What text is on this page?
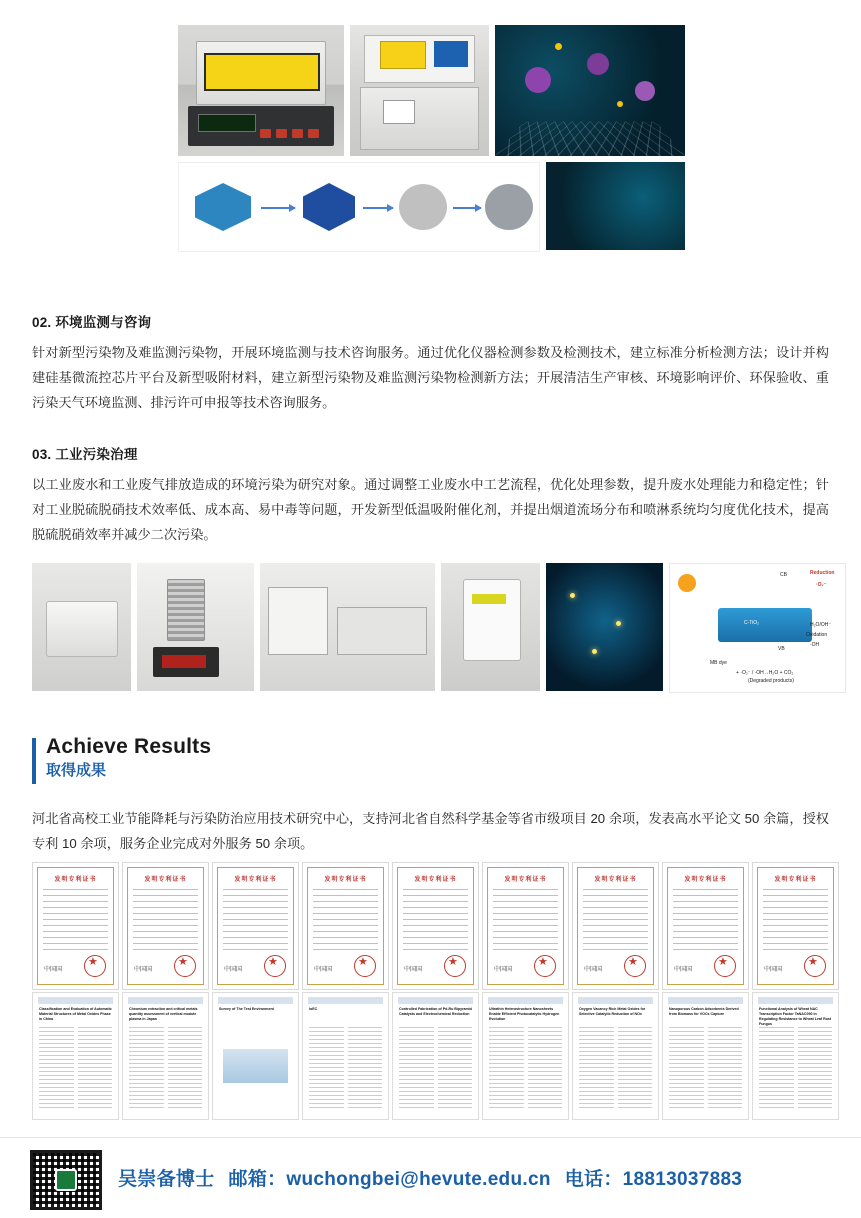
02. 环境监测与咨询

针对新型污染物及难监测污染物，开展环境监测与技术咨询服务。通过优化仪器检测参数及检测技术，建立标准分析检测方法；设计并构建硅基微流控芯片平台及新型吸附材料，建立新型污染物及难监测污染物检测新方法；开展清洁生产审核、环境影响评价、环保验收、重污染天气环境监测、排污许可申报等技术咨询服务。

03. 工业污染治理

以工业废水和工业废气排放造成的环境污染为研究对象。通过调整工业废水中工艺流程，优化处理参数，提升废水处理能力和稳定性；针对工业脱硫脱硝技术效率低、成本高、易中毒等问题，开发新型低温吸附催化剂，并提出烟道流场分布和喷淋系统均匀度优化技术，提高脱硫脱硝效率并减少二次污染。

CB	Reduction
·O₂⁻
VB
Oxidation
H₂O/OH⁻
·OH
C-TiO₂
MB dye
+ ·O₂⁻ / ·OH→H₂O + CO₂
(Degraded products)
Achieve Results
取得成果

河北省高校工业节能降耗与污染防治应用技术研究中心，支持河北省自然科学基金等省市级项目 20 余项，发表高水平论文 50 余篇，授权专利 10 余项，服务企业完成对外服务 50 余项。

发明专利证书
中国国
★
发明专利证书
中国国
★
发明专利证书
中国国
★
发明专利证书
中国国
★
发明专利证书
中国国
★
发明专利证书
中国国
★
发明专利证书
中国国
★
发明专利证书
中国国
★
发明专利证书
中国国
★
Classification and Evaluation of Automatic Material Structures of Metal Oxides Phase in China
Chromium extraction and critical metals quantity assessment of vertical module plasma in Japan
Survey of The Test Environment	IoEC	Controlled Fabrication of Pd-Ru Bipyramid Catalysts and Electrochemical Reduction
Ultrathin Heterostructure Nanosheets Enable Efficient Photocatalytic Hydrogen Evolution
Oxygen Vacancy Rich Metal Oxides for Selective Catalytic Reduction of NOx
Nanoporous Carbon Adsorbents Derived from Biomass for VOCs Capture
Functional Analysis of Wheat NAC Transcription Factor TaNAC090 in Regulating Resistance to Wheat Leaf Rust Fungus
吴崇备博士 邮箱：wuchongbei@hevute.edu.cn 电话：18813037883
